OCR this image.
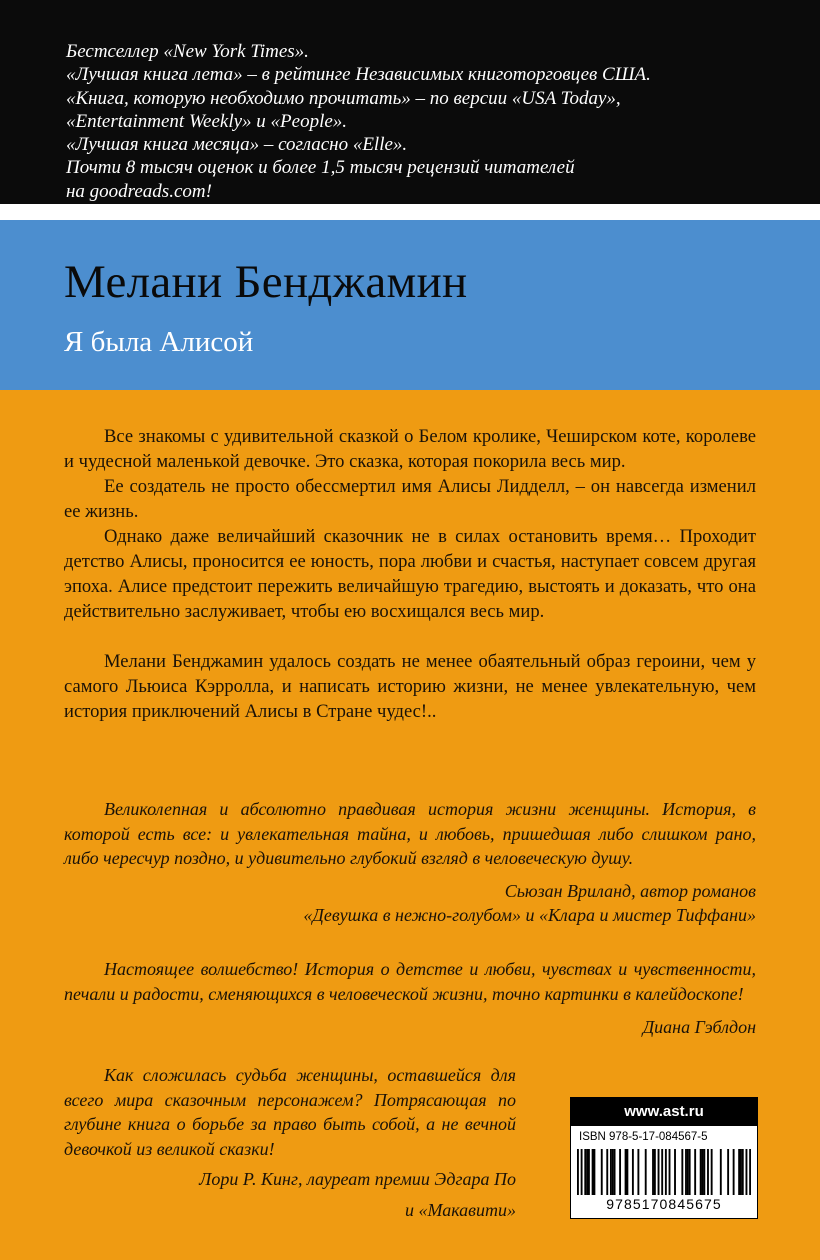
Бестселлер «New York Times».
«Лучшая книга лета» – в рейтинге Независимых книготорговцев США.
«Книга, которую необходимо прочитать» – по версии «USA Today»,
«Entertainment Weekly» и «People».
«Лучшая книга месяца» – согласно «Elle».
Почти 8 тысяч оценок и более 1,5 тысяч рецензий читателей
на goodreads.com!
Мелани Бенджамин
Я была Алисой

Все знакомы с удивительной сказкой о Белом кролике, Чеширском коте, королеве и чудесной маленькой девочке. Это сказка, которая покорила весь мир.

Ее создатель не просто обессмертил имя Алисы Лидделл, – он навсегда изменил ее жизнь.

Однако даже величайший сказочник не в силах остановить время… Проходит детство Алисы, проносится ее юность, пора любви и счастья, наступает совсем другая эпоха. Алисе предстоит пережить величайшую трагедию, выстоять и доказать, что она действительно заслуживает, чтобы ею восхищался весь мир.

Мелани Бенджамин удалось создать не менее обаятельный образ героини, чем у самого Льюиса Кэрролла, и написать историю жизни, не менее увлекательную, чем история приключений Алисы в Стране чудес!..

Великолепная и абсолютно правдивая история жизни женщины. История, в которой есть все: и увлекательная тайна, и любовь, пришедшая либо слишком рано, либо чересчур поздно, и удивительно глубокий взгляд в человеческую душу.

Сьюзан Вриланд, автор романов

«Девушка в нежно-голубом» и «Клара и мистер Тиффани»

Настоящее волшебство! История о детстве и любви, чувствах и чувственности, печали и радости, сменяющихся в человеческой жизни, точно картинки в калейдоскопе!

Диана Гэблдон

Как сложилась судьба женщины, оставшейся для всего мира сказочным персонажем? Потрясающая по глубине книга о борьбе за право быть собой, а не вечной девочкой из великой сказки!

Лори Р. Кинг, лауреат премии Эдгара По

и «Макавити»

www.ast.ru
ISBN 978-5-17-084567-5
9785170845675
